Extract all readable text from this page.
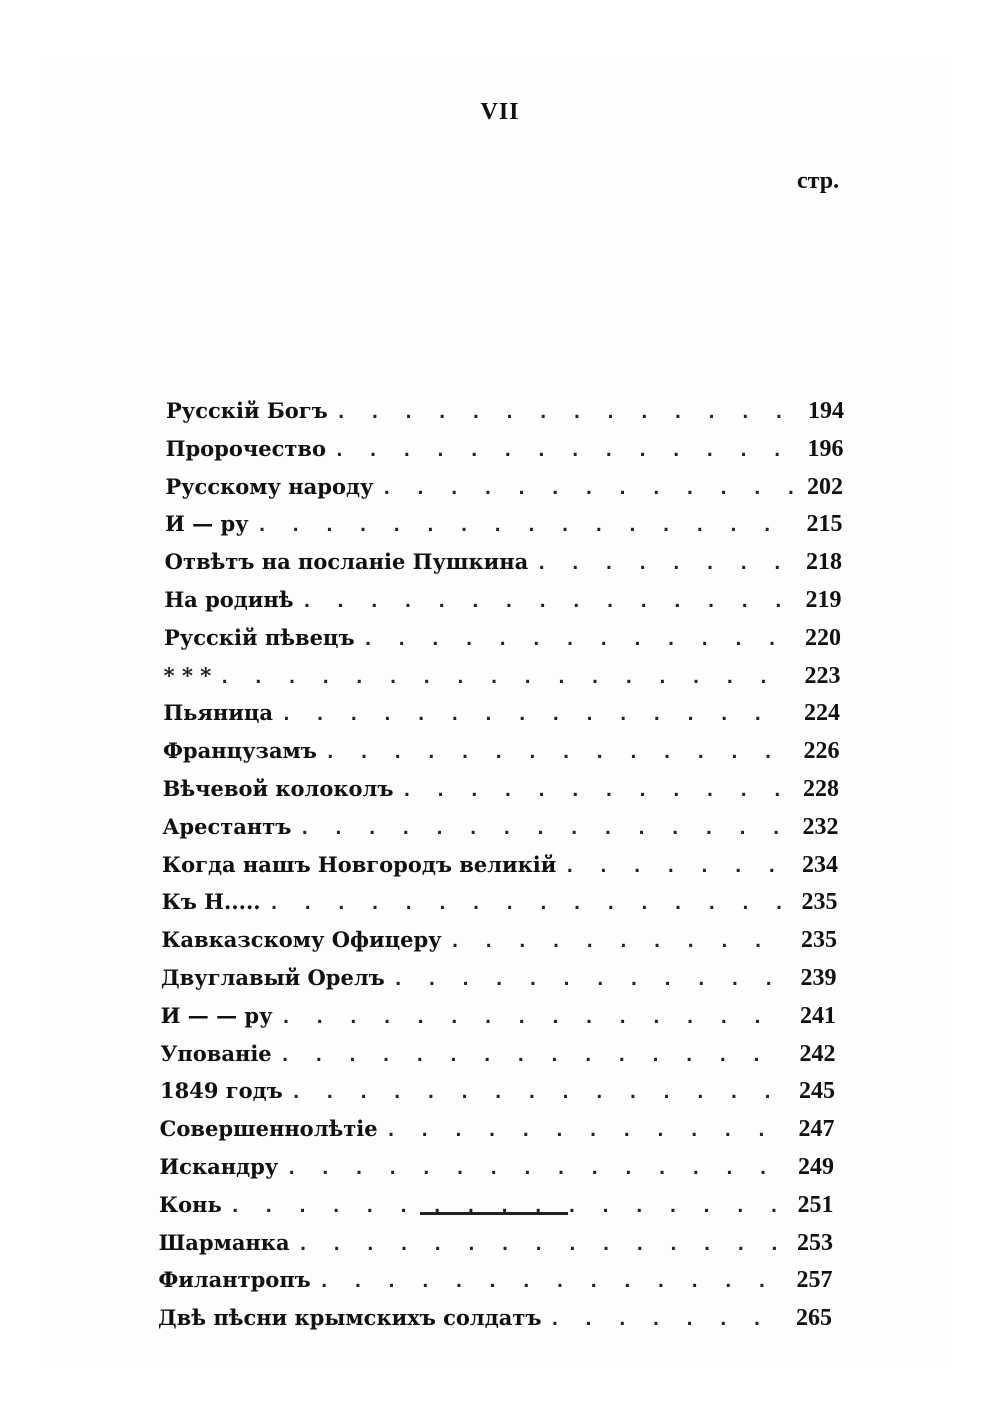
VII
стр.
Русскій Богъ . . .	194
Пророчество . . .	196
Русскому народу . . .	202
И — ру . . .	215
Отвѣтъ на посланіе Пушкина . . .	218
На родинѣ . . .	219
Русскій пѣвецъ . . .	220
* * * . . .	223
Пьяница . . .	224
Французамъ . . .	226
Вѣчевой колоколъ . . .	228
Арестантъ . . .	232
Когда нашъ Новгородъ великій . . .	234
Къ Н..... . . .	235
Кавказскому Офицеру . . .	235
Двуглавый Орелъ . . .	239
И — — ру . . .	241
Упованіе . . .	242
1849 годъ . . .	245
Совершеннолѣтіе . . .	247
Искандру . . .	249
Конь . . .	251
Шарманка . . .	253
Филантропъ . . .	257
Двѣ пѣсни крымскихъ солдатъ . . .	265
